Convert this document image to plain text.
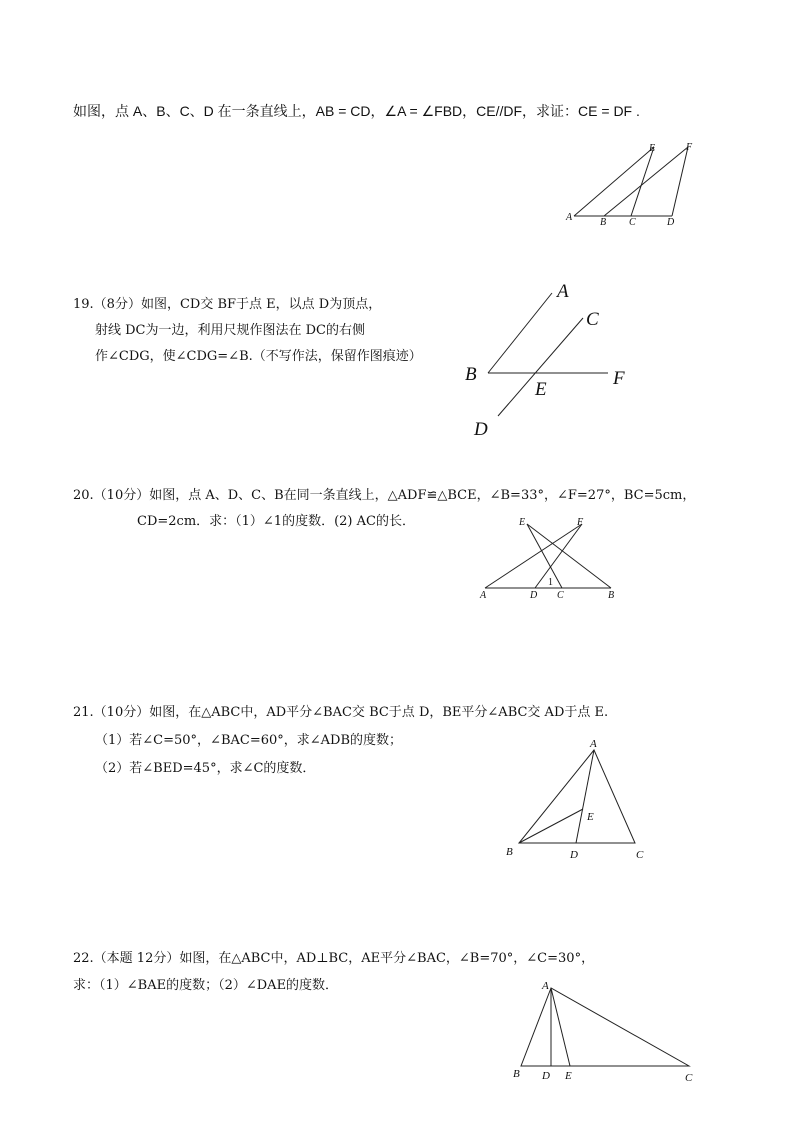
如图，点 A、B、C、D 在一条直线上，AB = CD，∠A = ∠FBD，CE//DF，求证：CE = DF .
E	F
A	B C	D
19.（8分）如图，CD交 BF于点 E，以点 D为顶点，
射线 DC为一边，利用尺规作图法在 DC的右侧
作∠CDG，使∠CDG=∠B.（不写作法，保留作图痕迹）
A
C
B
E
F
D
20.（10分）如图，点 A、D、C、B在同一条直线上，△ADF≌△BCE，∠B=33°，∠F=27°，BC=5cm，
CD=2cm．求：（1）∠1的度数．(2) AC的长．	E	F
A	D C	B
1
21.（10分）如图，在△ABC中，AD平分∠BAC交 BC于点 D，BE平分∠ABC交 AD于点 E.
（1）若∠C=50°，∠BAC=60°，求∠ADB的度数；
（2）若∠BED=45°，求∠C的度数．
A
E
B	D	C
22.（本题 12分）如图，在△ABC中，AD⊥BC，AE平分∠BAC，∠B=70°，∠C=30°，
求：（1）∠BAE的度数；（2）∠DAE的度数．	A
B D E	C
